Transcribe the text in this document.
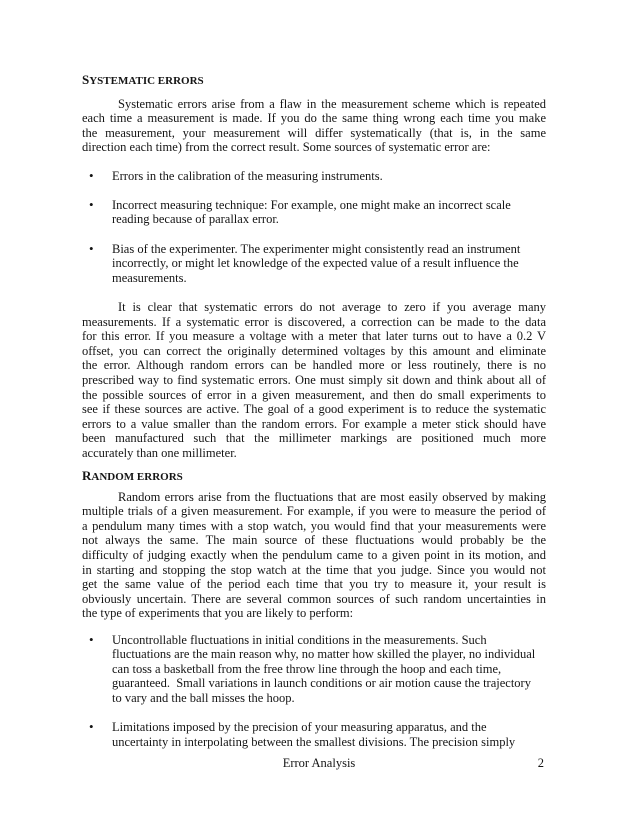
SYSTEMATIC ERRORS
Systematic errors arise from a flaw in the measurement scheme which is repeated
each time a measurement is made. If you do the same thing wrong each time you make
the measurement, your measurement will differ systematically (that is, in the same
direction each time) from the correct result. Some sources of systematic error are:
• Errors in the calibration of the measuring instruments.
• Incorrect measuring technique: For example, one might make an incorrect scale
reading because of parallax error.
• Bias of the experimenter. The experimenter might consistently read an instrument
incorrectly, or might let knowledge of the expected value of a result influence the
measurements.
It is clear that systematic errors do not average to zero if you average many
measurements. If a systematic error is discovered, a correction can be made to the data
for this error. If you measure a voltage with a meter that later turns out to have a 0.2 V
offset, you can correct the originally determined voltages by this amount and eliminate
the error. Although random errors can be handled more or less routinely, there is no
prescribed way to find systematic errors. One must simply sit down and think about all of
the possible sources of error in a given measurement, and then do small experiments to
see if these sources are active. The goal of a good experiment is to reduce the systematic
errors to a value smaller than the random errors. For example a meter stick should have
been manufactured such that the millimeter markings are positioned much more
accurately than one millimeter.
RANDOM ERRORS
Random errors arise from the fluctuations that are most easily observed by making
multiple trials of a given measurement. For example, if you were to measure the period of
a pendulum many times with a stop watch, you would find that your measurements were
not always the same. The main source of these fluctuations would probably be the
difficulty of judging exactly when the pendulum came to a given point in its motion, and
in starting and stopping the stop watch at the time that you judge. Since you would not
get the same value of the period each time that you try to measure it, your result is
obviously uncertain. There are several common sources of such random uncertainties in
the type of experiments that you are likely to perform:
• Uncontrollable fluctuations in initial conditions in the measurements. Such
fluctuations are the main reason why, no matter how skilled the player, no individual
can toss a basketball from the free throw line through the hoop and each time,
guaranteed.  Small variations in launch conditions or air motion cause the trajectory
to vary and the ball misses the hoop.
• Limitations imposed by the precision of your measuring apparatus, and the
uncertainty in interpolating between the smallest divisions. The precision simply
Error Analysis	2
